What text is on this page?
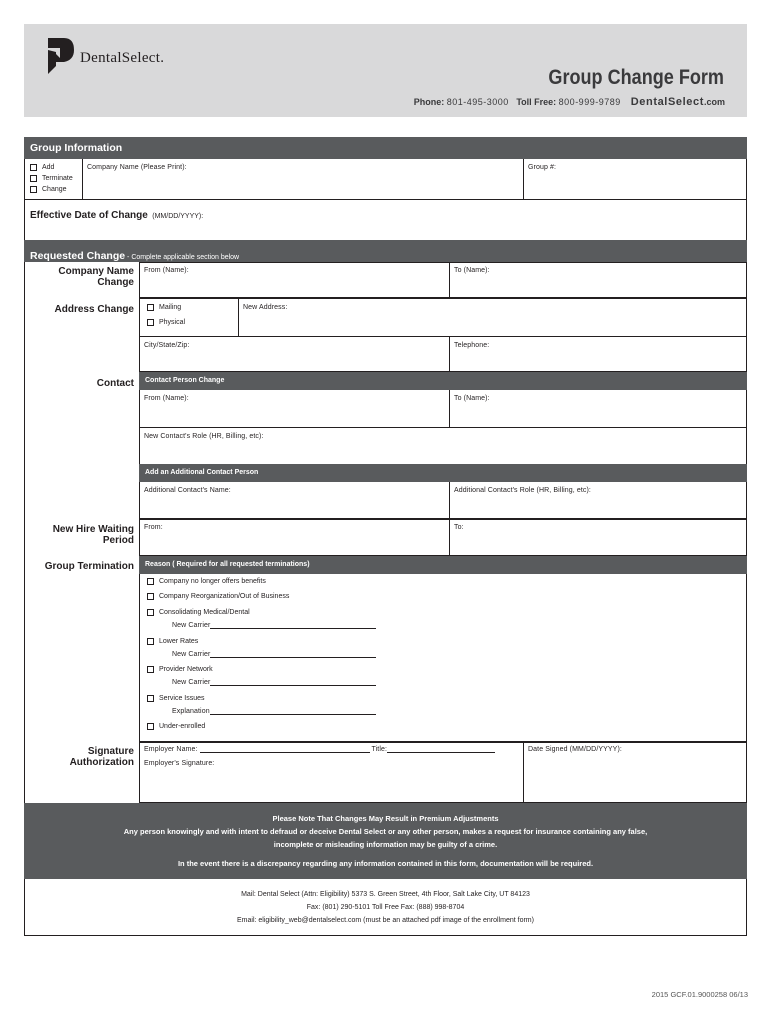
DentalSelect.
Group Change Form
Phone: 801-495-3000 Toll Free: 800-999-9789 DentalSelect.com
Group Information
Add
Terminate
Change
Company Name (Please Print):	Group #:
Effective Date of Change (MM/DD/YYYY):
Requested Change - Complete applicable section below
Company Name Change
From (Name):	To (Name):
Address Change	Mailing
Physical
New Address:
City/State/Zip:	Telephone:
Contact Contact Person Change
From (Name):	To (Name):
New Contact's Role (HR, Billing, etc):
Add an Additional Contact Person
Additional Contact's Name:	Additional Contact's Role (HR, Billing, etc):
New Hire Waiting Period
From:	To:
Group Termination Reason ( Required for all requested terminations)
Company no longer offers benefits
Company Reorganization/Out of Business
Consolidating Medical/Dental
New Carrier
Lower Rates
New Carrier
Provider Network
New Carrier
Service Issues
Explanation
Under-enrolled
Signature Authorization
Employer Name:	Title:
Employer's Signature:
Date Signed (MM/DD/YYYY):
Please Note That Changes May Result in Premium Adjustments
Any person knowingly and with intent to defraud or deceive Dental Select or any other person, makes a request for insurance containing any false,
incomplete or misleading information may be guilty of a crime.
In the event there is a discrepancy regarding any information contained in this form, documentation will be required.
Mail: Dental Select (Attn: Eligibility) 5373 S. Green Street, 4th Floor, Salt Lake City, UT 84123
Fax: (801) 290-5101 Toll Free Fax: (888) 998-8704
Email: eligibility_web@dentalselect.com (must be an attached pdf image of the enrollment form)
2015 GCF.01.9000258 06/13
